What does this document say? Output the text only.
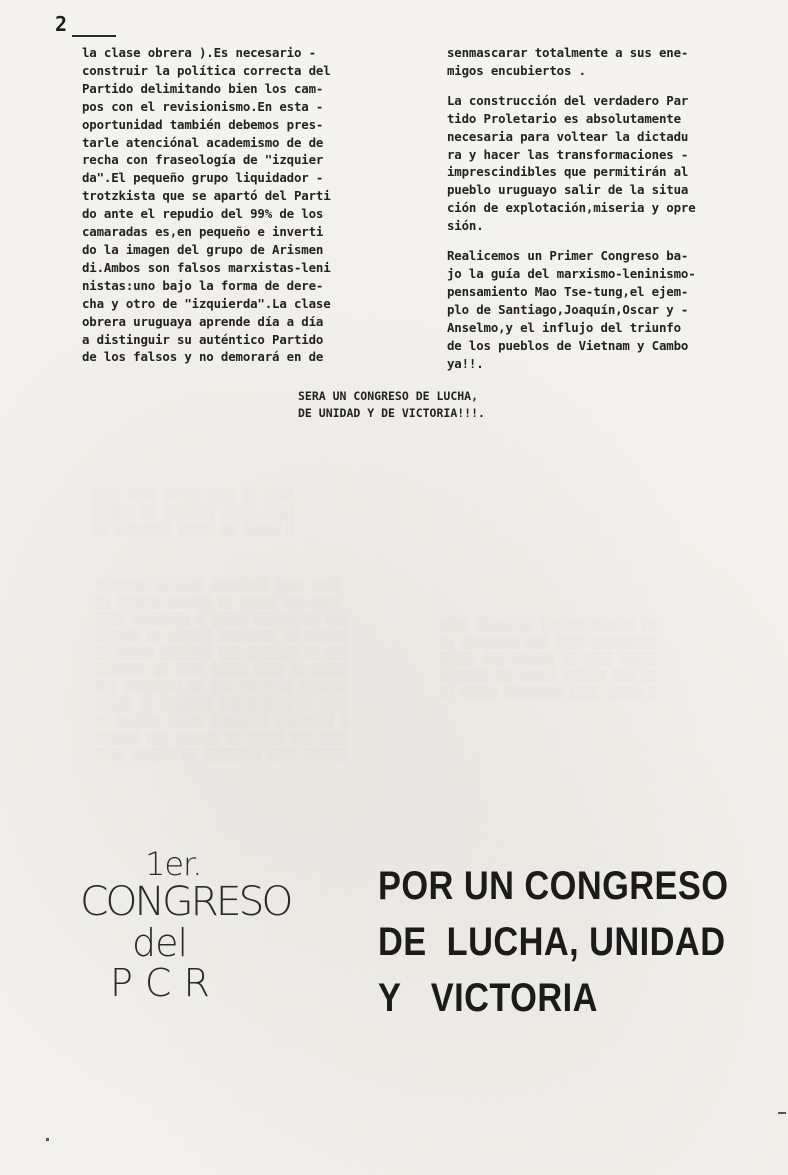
░░░  ░░░░ ░░░░░ ░░░░ ░░ ░░░░
░░░░░░ ░░ ░░░░░░░ ░░░░░ ░░░░
░░ ░░░░░░░░ ░░░░░ ░░ ░░░░░ ░

░░░░░░░ ░░ ░░░░ ░░░░░░░░ ░░░░ ░░░░
░░ ░░░░░░ ░░░░░░ ░░ ░░░░░ ░░░ ░░░░
░░░░ ░░░░░░░░ ░ ░░░░░ ░░░░░░ ░░ ░░░
░░░░░░ ░░ ░░░░░░ ░░░░░░░░ ░░ ░░░░░░
░░ ░░░░░ ░░░░░░░ ░░░ ░░░░░░░ ░░ ░░░
░░░░░░░ ░░ ░░░░ ░░░░░ ░░░░ ░░ ░░░░░
░░░ ░░░░░░░░ ░░ ░░░ ░░░░░░░ ░░░░░░░
░░░░░ ░░ ░░░░░░░ ░░░ ░░░░░░ ░░ ░░░░
░░ ░░░░░░ ░░░░░ ░░░░░ ░░ ░░░░░░░░ ░
░░░░░░ ░░░ ░░░░░░ ░░ ░░░░░ ░░░ ░░░░
░░░░ ░░░░░░ ░░ ░░░░░░░░ ░░░░ ░░░░░░

░░░░ ░░░░░ ░░ ░░░░░░ ░░░░░░ ░░
░░ ░░░░░░░░ ░░░ ░░░░ ░░░░░░░░░
░░░░░ ░░░ ░░░░░░ ░░ ░░░░ ░░░░░
░░░░░░░ ░░ ░░░░░ ░░░░░░ ░░░ ░░
░░ ░░░░░ ░░░░░░░░ ░░░░ ░░░░░ ░
2
la clase obrera ).Es necesario -
construir la política correcta del
Partido delimitando bien los cam-
pos con el revisionismo.En esta -
oportunidad también debemos pres-
tarle atenciónal academismo de de
recha con fraseología de "izquier
da".El pequeño grupo liquidador -
trotzkista que se apartó del Parti
do ante el repudio del 99% de los
camaradas es,en pequeño e inverti
do la imagen del grupo de Arismen
di.Ambos son falsos marxistas-leni
nistas:uno bajo la forma de dere-
cha y otro de "izquierda".La clase
obrera uruguaya aprende día a día
a distinguir su auténtico Partido
de los falsos y no demorará en de
senmascarar totalmente a sus ene-
migos encubiertos .
La construcción del verdadero Par
tido Proletario es absolutamente
necesaria para voltear la dictadu
ra y hacer las transformaciones -
imprescindibles que permitirán al
pueblo uruguayo salir de la situa
ción de explotación,miseria y opre
sión.
Realicemos un Primer Congreso ba-
jo la guía del marxismo-leninismo-
pensamiento Mao Tse-tung,el ejem-
plo de Santiago,Joaquín,Oscar y -
Anselmo,y el influjo del triunfo
de los pueblos de Vietnam y Cambo
ya!!.
SERA UN CONGRESO DE LUCHA,
DE UNIDAD Y DE VICTORIA!!!.
1er.
CONGRESO
del
PCR
POR UN CONGRESO
DE  LUCHA, UNIDAD
Y   VICTORIA
